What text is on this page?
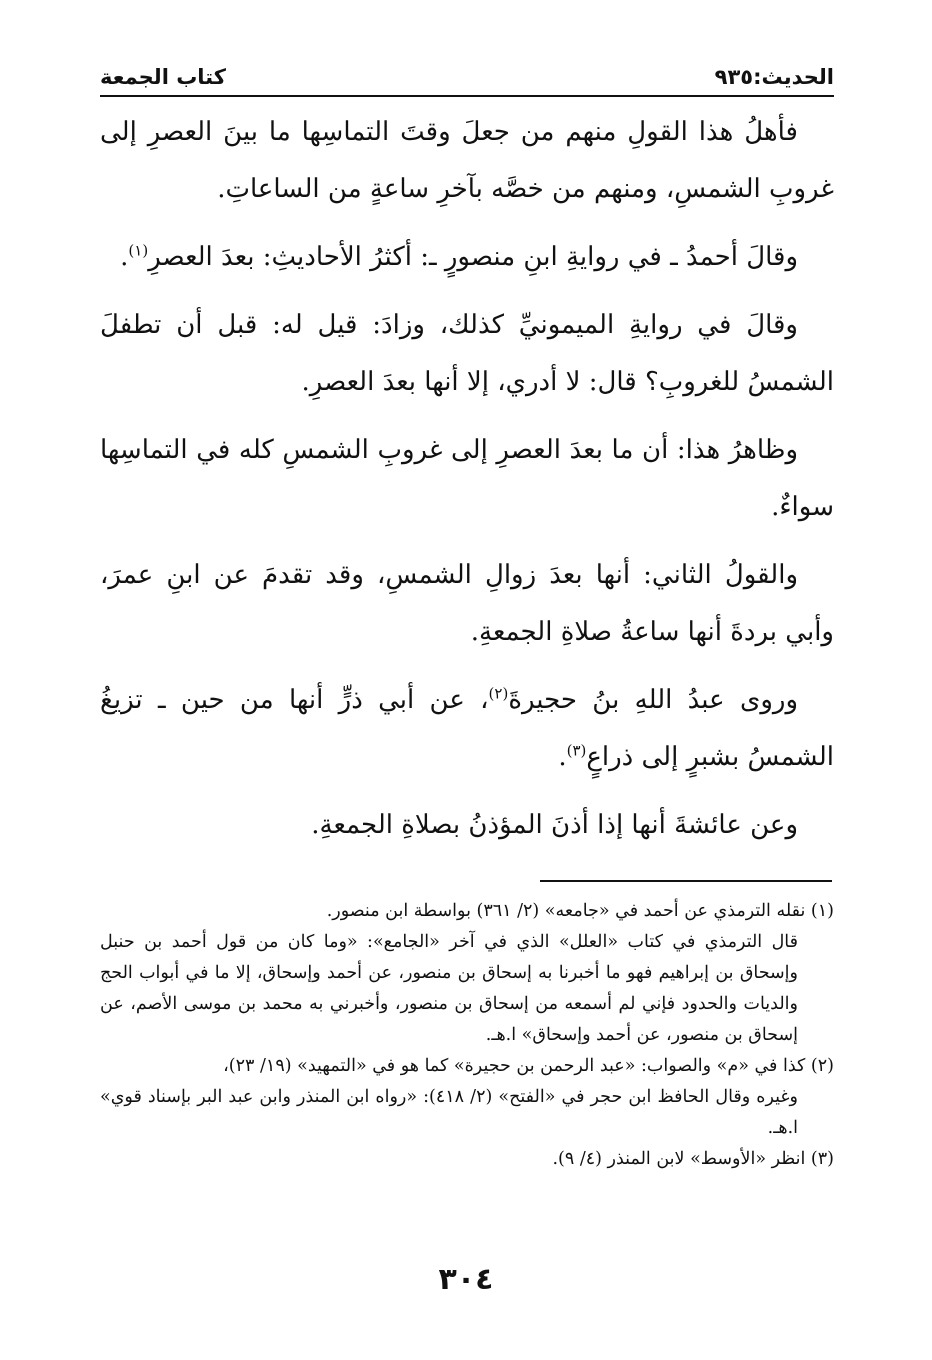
كتاب الجمعة	الحديث:٩٣٥

فأهلُ هذا القولِ منهم من جعلَ وقتَ التماسِها ما بينَ العصرِ إلى غروبِ الشمسِ، ومنهم من خصَّه بآخرِ ساعةٍ من الساعاتِ.

وقالَ أحمدُ ـ في روايةِ ابنِ منصورٍ ـ: أكثرُ الأحاديثِ: بعدَ العصرِ$^{(١)}$.

وقالَ في روايةِ الميمونيِّ كذلك، وزادَ: قيل له: قبل أن تطفلَ الشمسُ للغروبِ؟ قال: لا أدري، إلا أنها بعدَ العصرِ.

وظاهرُ هذا: أن ما بعدَ العصرِ إلى غروبِ الشمسِ كله في التماسِها سواءٌ.

والقولُ الثاني: أنها بعدَ زوالِ الشمسِ، وقد تقدمَ عن ابنِ عمرَ، وأبي بردةَ أنها ساعةُ صلاةِ الجمعةِ.

وروى عبدُ اللهِ بنُ حجيرةَ$^{(٢)}$، عن أبي ذرٍّ أنها من حين ـ تزيغُ الشمسُ بشبرٍ إلى ذراعٍ$^{(٣)}$.

وعن عائشةَ أنها إذا أذنَ المؤذنُ بصلاةِ الجمعةِ.

(١) نقله الترمذي عن أحمد في «جامعه» (٢/ ٣٦١) بواسطة ابن منصور.
قال الترمذي في كتاب «العلل» الذي في آخر «الجامع»: «وما كان من قول أحمد بن حنبل وإسحاق بن إبراهيم فهو ما أخبرنا به إسحاق بن منصور، عن أحمد وإسحاق، إلا ما في أبواب الحج والديات والحدود فإني لم أسمعه من إسحاق بن منصور، وأخبرني به محمد بن موسى الأصم، عن إسحاق بن منصور، عن أحمد وإسحاق» ا.هـ.
(٢) كذا في «م» والصواب: «عبد الرحمن بن حجيرة» كما هو في «التمهيد» (١٩/ ٢٣)،
وغيره وقال الحافظ ابن حجر في «الفتح» (٢/ ٤١٨): «رواه ابن المنذر وابن عبد البر بإسناد قوي» ا.هـ.
(٣) انظر «الأوسط» لابن المنذر (٤/ ٩).
٣٠٤
